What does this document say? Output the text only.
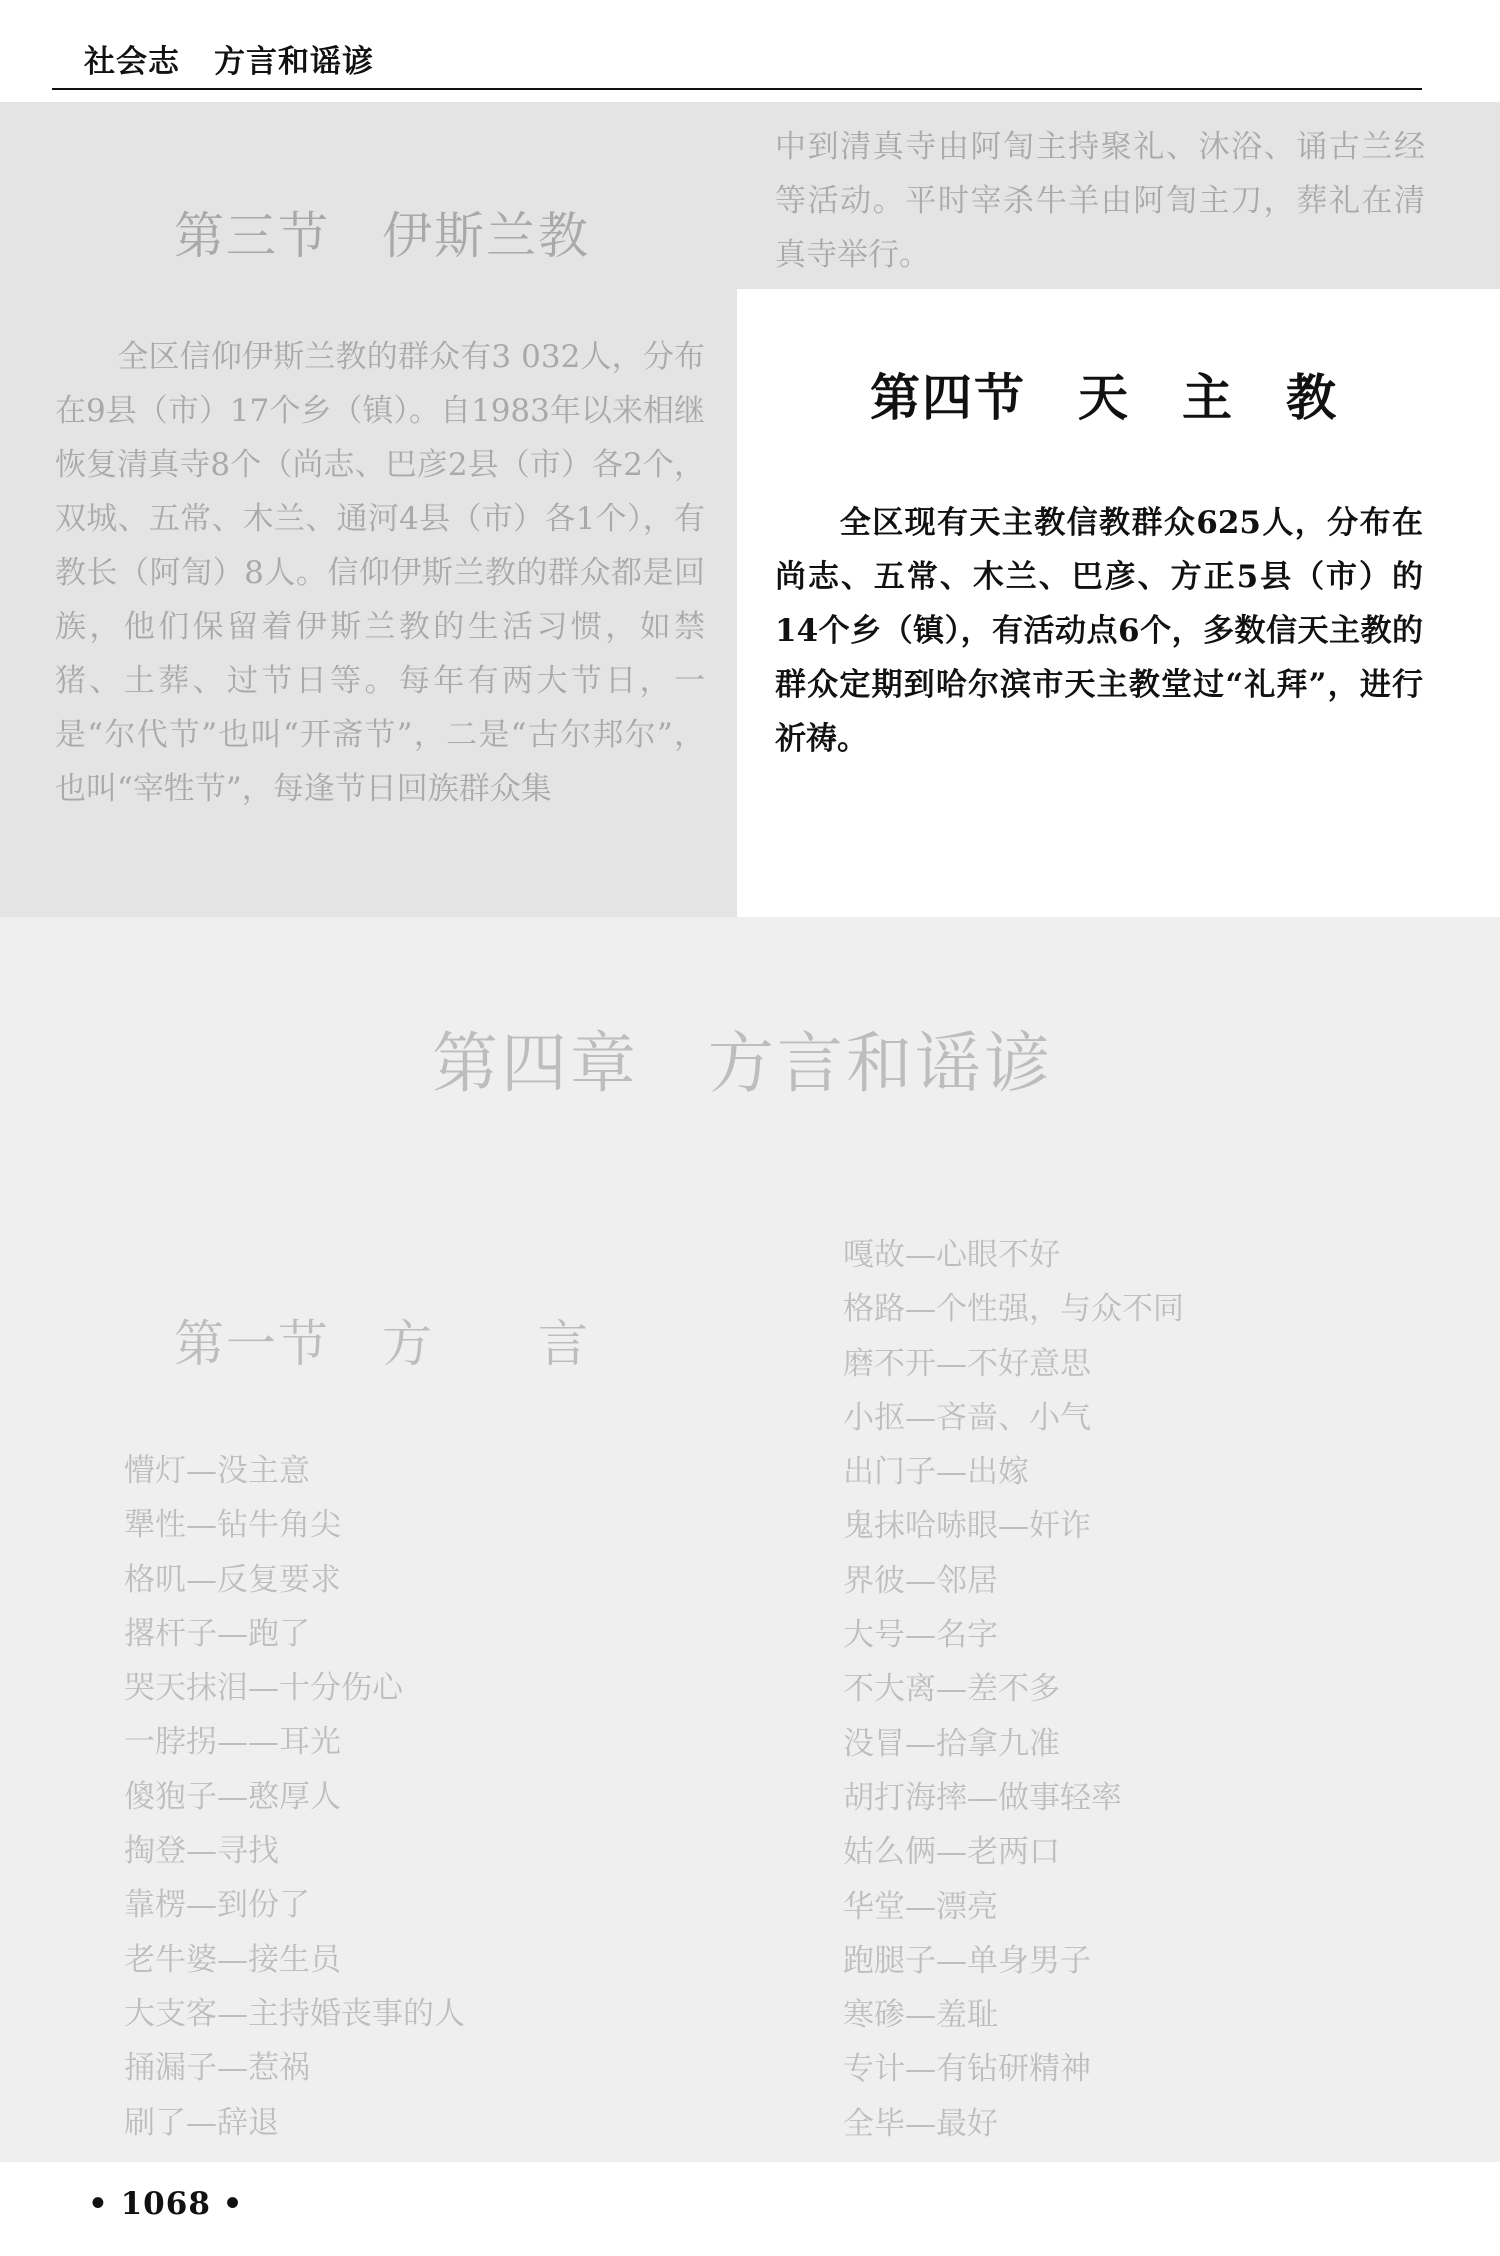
社会志 方言和谣谚
第三节　伊斯兰教
　　全区信仰伊斯兰教的群众有3 032人，分布在9县（市）17个乡（镇）。自1983年以来相继恢复清真寺8个（尚志、巴彦2县（市）各2个，双城、五常、木兰、通河4县（市）各1个），有教长（阿訇）8人。信仰伊斯兰教的群众都是回族，他们保留着伊斯兰教的生活习惯，如禁猪、土葬、过节日等。每年有两大节日，一是“尔代节”也叫“开斋节”，二是“古尔邦尔”，也叫“宰牲节”，每逢节日回族群众集
中到清真寺由阿訇主持聚礼、沐浴、诵古兰经等活动。平时宰杀牛羊由阿訇主刀，葬礼在清真寺举行。
第四节　天　主　教
　　全区现有天主教信教群众625人，分布在尚志、五常、木兰、巴彦、方正5县（市）的14个乡（镇），有活动点6个，多数信天主教的群众定期到哈尔滨市天主教堂过“礼拜”，进行祈祷。
第四章　方言和谣谚
第一节　方　　言
懵灯—没主意
犟性—钻牛角尖
格叽—反复要求
撂杆子—跑了
哭天抹泪—十分伤心
一脖拐——耳光
傻狍子—憨厚人
掏登—寻找
靠楞—到份了
老牛婆—接生员
大支客—主持婚丧事的人
捅漏子—惹祸
刷了—辞退
嘎故—心眼不好
格路—个性强，与众不同
磨不开—不好意思
小抠—吝啬、小气
出门子—出嫁
鬼抹哈哧眼—奸诈
界彼—邻居
大号—名字
不大离—差不多
没冒—拾拿九准
胡打海摔—做事轻率
姑么俩—老两口
华堂—漂亮
跑腿子—单身男子
寒碜—羞耻
专计—有钻研精神
全毕—最好
• 1068 •
